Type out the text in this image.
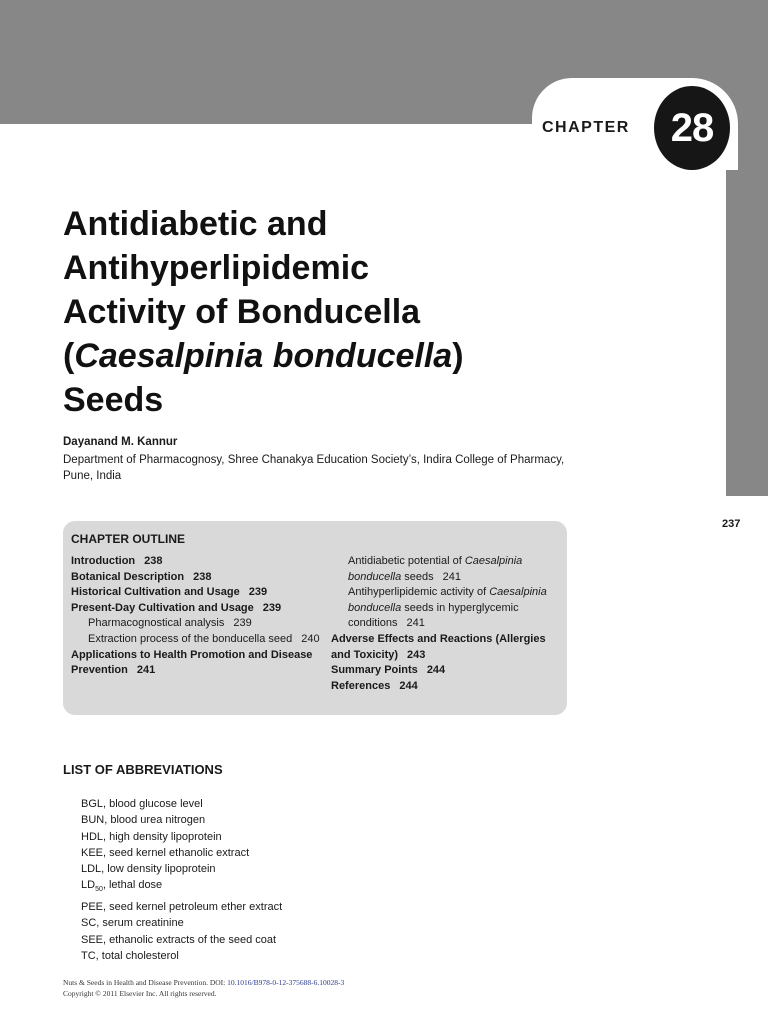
CHAPTER	28
Antidiabetic and
Antihyperlipidemic
Activity of Bonducella
(Caesalpinia bonducella)
Seeds
Dayanand M. Kannur
Department of Pharmacognosy, Shree Chanakya Education Society’s, Indira College of Pharmacy, Pune, India
237
CHAPTER OUTLINE
Introduction 238
Botanical Description 238
Historical Cultivation and Usage 239
Present-Day Cultivation and Usage 239
Pharmacognostical analysis 239
Extraction process of the bonducella seed 240
Applications to Health Promotion and Disease Prevention 241
Antidiabetic potential of Caesalpinia bonducella seeds 241
Antihyperlipidemic activity of Caesalpinia bonducella seeds in hyperglycemic conditions 241
Adverse Effects and Reactions (Allergies and Toxicity) 243
Summary Points 244
References 244
LIST OF ABBREVIATIONS
BGL, blood glucose level
BUN, blood urea nitrogen
HDL, high density lipoprotein
KEE, seed kernel ethanolic extract
LDL, low density lipoprotein
$LD_{50}$, lethal dose
PEE, seed kernel petroleum ether extract
SC, serum creatinine
SEE, ethanolic extracts of the seed coat
TC, total cholesterol
Nuts & Seeds in Health and Disease Prevention. DOI: 10.1016/B978-0-12-375688-6.10028-3
Copyright © 2011 Elsevier Inc. All rights reserved.
